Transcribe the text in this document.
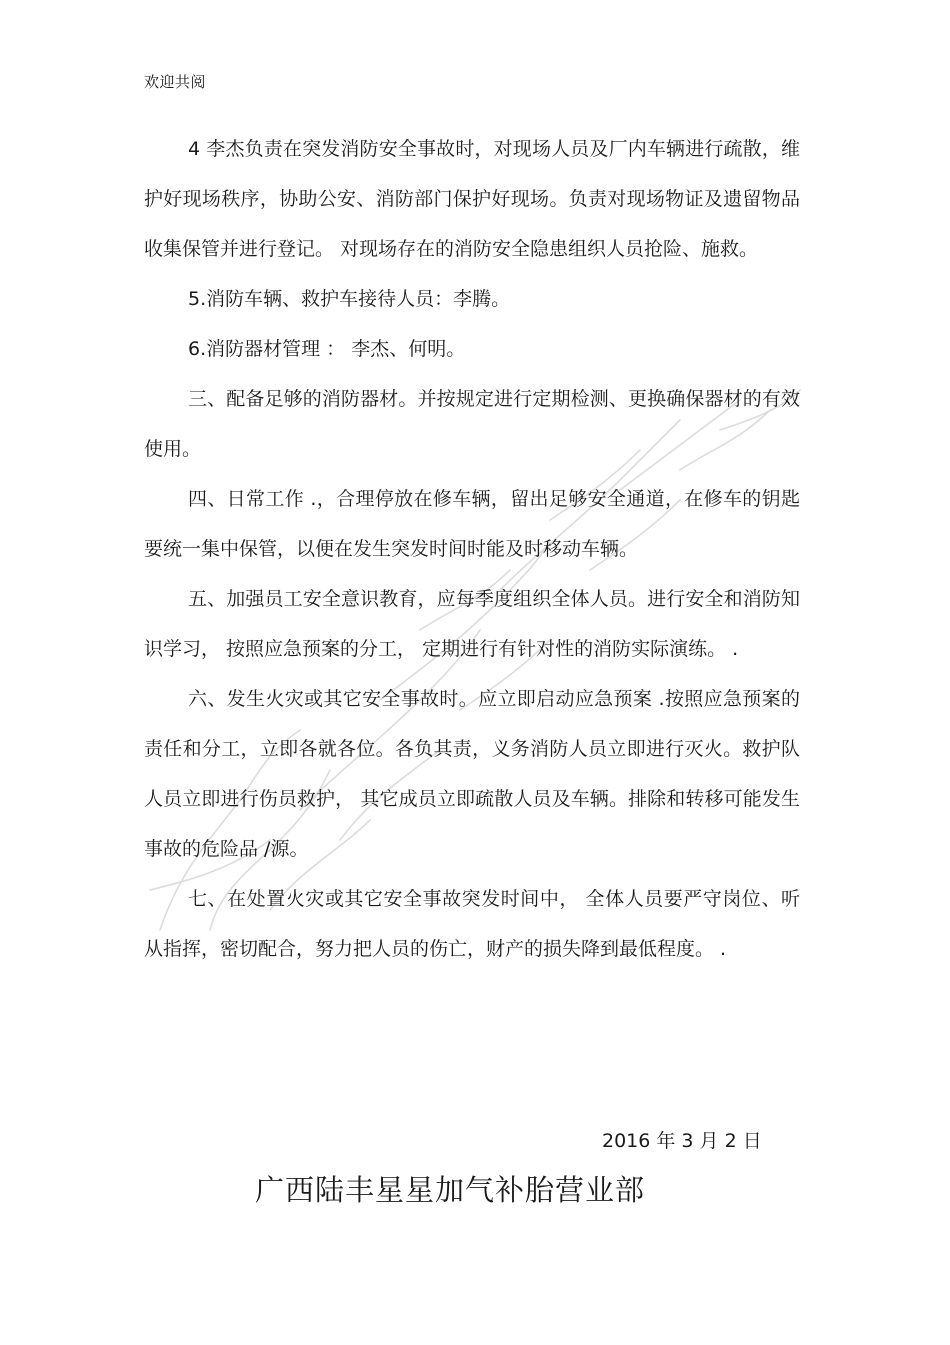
欢迎共阅

4 李杰负责在突发消防安全事故时，对现场人员及厂内车辆进行疏散，维护好现场秩序，协助公安、消防部门保护好现场。负责对现场物证及遗留物品收集保管并进行登记。 对现场存在的消防安全隐患组织人员抢险、施救。

5.消防车辆、救护车接待人员：李腾。

6.消防器材管理 ： 李杰、何明。

三、配备足够的消防器材。并按规定进行定期检测、更换确保器材的有效使用。

四、日常工作 .，合理停放在修车辆，留出足够安全通道，在修车的钥匙要统一集中保管，以便在发生突发时间时能及时移动车辆。

五、加强员工安全意识教育，应每季度组织全体人员。进行安全和消防知识学习， 按照应急预案的分工， 定期进行有针对性的消防实际演练。 .

六、发生火灾或其它安全事故时。应立即启动应急预案 .按照应急预案的责任和分工，立即各就各位。各负其责，义务消防人员立即进行灭火。救护队人员立即进行伤员救护， 其它成员立即疏散人员及车辆。排除和转移可能发生事故的危险品 /源。

七、在处置火灾或其它安全事故突发时间中， 全体人员要严守岗位、听从指挥，密切配合，努力把人员的伤亡，财产的损失降到最低程度。 .

2016 年 3 月 2 日
广西陆丰星星加气补胎营业部
